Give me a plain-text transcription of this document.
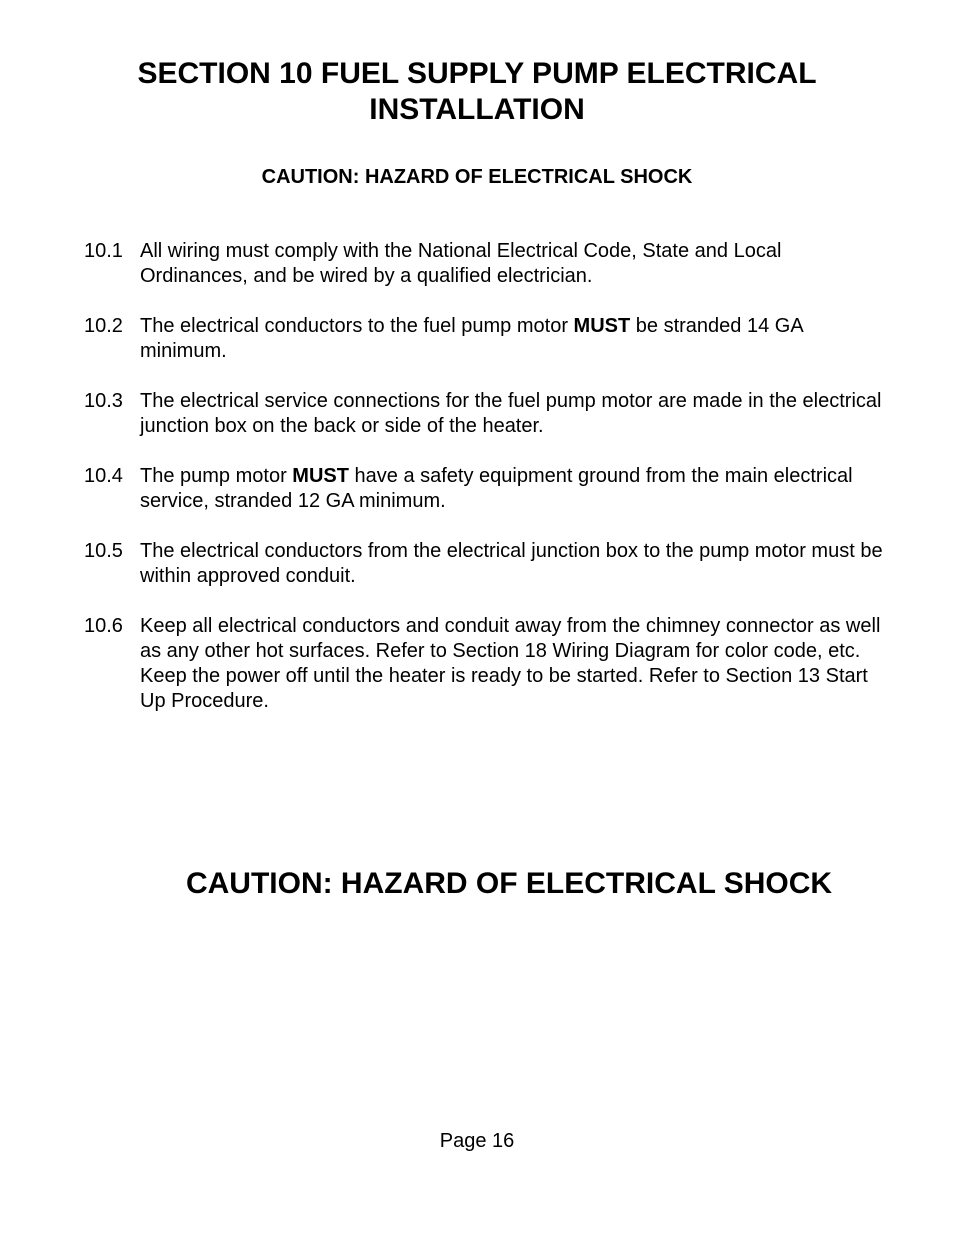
SECTION 10 FUEL SUPPLY PUMP ELECTRICAL
INSTALLATION
CAUTION: HAZARD OF ELECTRICAL SHOCK
10.1 All wiring must comply with the National Electrical Code, State and Local Ordinances, and be wired by a qualified electrician.
10.2 The electrical conductors to the fuel pump motor MUST be stranded 14 GA minimum.
10.3 The electrical service connections for the fuel pump motor are made in the electrical junction box on the back or side of the heater.
10.4 The pump motor MUST have a safety equipment ground from the main electrical service, stranded 12 GA minimum.
10.5 The electrical conductors from the electrical junction box to the pump motor must be within approved conduit.
10.6 Keep all electrical conductors and conduit away from the chimney connector as well as any other hot surfaces. Refer to Section 18 Wiring Diagram for color code, etc. Keep the power off until the heater is ready to be started. Refer to Section 13 Start Up Procedure.
CAUTION: HAZARD OF ELECTRICAL SHOCK
Page 16
